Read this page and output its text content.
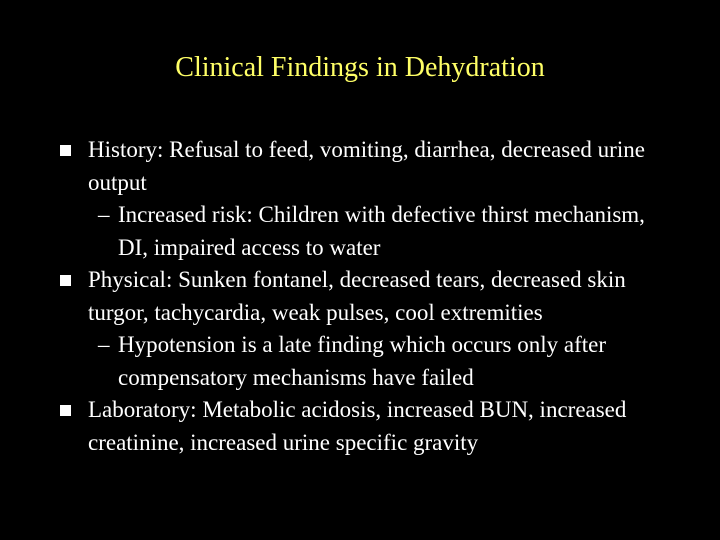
Clinical Findings in Dehydration
History: Refusal to feed, vomiting, diarrhea, decreased urine output
– Increased risk: Children with defective thirst mechanism, DI, impaired access to water
Physical: Sunken fontanel, decreased tears, decreased skin turgor, tachycardia, weak pulses, cool extremities
– Hypotension is a late finding which occurs only after compensatory mechanisms have failed
Laboratory: Metabolic acidosis, increased BUN, increased creatinine, increased urine specific gravity
